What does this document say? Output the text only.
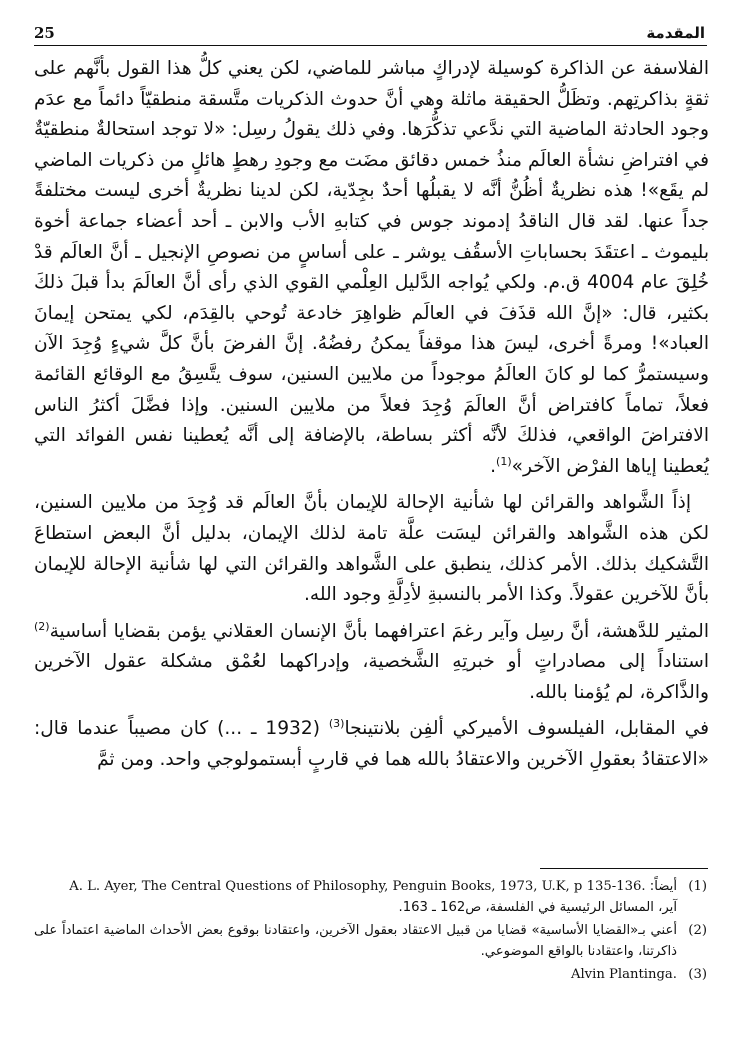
25	المقدمة

الفلاسفة عن الذاكرة كوسيلة لإدراكٍ مباشر للماضي، لكن يعني كلُّ هذا القول بأنَّهم على ثقةٍ بذاكرتِهم. وتظَلُّ الحقيقة ماثلة وهي أنَّ حدوث الذكريات متَّسقة منطقيّاً دائماً مع عدَم وجود الحادثة الماضية التي ندَّعي تذكُّرَها. وفي ذلك يقولُ رسِل: «لا توجد استحالةٌ منطقيّةٌ في افتراضِ نشأة العالَم منذُ خمس دقائق مضَت مع وجودِ رهطٍ هائلٍ من ذكريات الماضي لم يقَع»! هذه نظريةٌ أظُنُّ أنَّه لا يقبلُها أحدٌ بجِدّية، لكن لدينا نظريةٌ أخرى ليست مختلفةً جداً عنها. لقد قال الناقدُ إدموند جوس في كتابهِ الأب والابن ـ أحد أعضاء جماعة أخوة بليموث ـ اعتقَدَ بحساباتِ الأسقُف يوشر ـ على أساسٍ من نصوصِ الإنجيل ـ أنَّ العالَم قدْ خُلِقَ عام 4004 ق.م. ولكي يُواجه الدَّليل العِلْمي القوي الذي رأى أنَّ العالَمَ بدأ قبلَ ذلكَ بكثير، قال: «إنَّ الله قذَفَ في العالَم ظواهِرَ خادعة تُوحي بالقِدَم، لكي يمتحن إيمانَ العباد»! ومرةً أخرى، ليسَ هذا موقفاً يمكنُ رفضُهُ. إنَّ الفرضَ بأنَّ كلَّ شيءٍ وُجِدَ الآن وسيستمرُّ كما لو كانَ العالَمُ موجوداً من ملايين السنين، سوف يتَّسِقُ مع الوقائع القائمة فعلاً، تماماً كافتراض أنَّ العالَمَ وُجِدَ فعلاً من ملايين السنين. وإذا فضَّلَ أكثرُ الناس الافتراضَ الواقعي، فذلكَ لأنَّه أكثر بساطة، بالإضافة إلى أنَّه يُعطينا نفس الفوائد التي يُعطينا إياها الفرْض الآخر»$^{(1)}$.

إذاً الشَّواهد والقرائن لها شأنية الإحالة للإيمان بأنَّ العالَم قد وُجِدَ من ملايين السنين، لكن هذه الشَّواهد والقرائن ليسَت علَّة تامة لذلك الإيمان، بدليل أنَّ البعض استطاعَ التَّشكيك بذلك. الأمر كذلك، ينطبق على الشَّواهد والقرائن التي لها شأنية الإحالة للإيمان بأنَّ للآخرين عقولاً. وكذا الأمر بالنسبةِ لأدِلَّةِ وجود الله.

المثير للدَّهشة، أنَّ رسِل وآير رغمَ اعترافهما بأنَّ الإنسان العقلاني يؤمن بقضايا أساسية$^{(2)}$ استناداً إلى مصادراتٍ أو خبرتِهِ الشَّخصية، وإدراكهما لعُمْق مشكلة عقول الآخرين والذَّاكرة، لم يُؤمنا بالله.

في المقابل، الفيلسوف الأميركي ألفِن بلانتينجا$^{(3)}$ (1932 ـ ...) كان مصيباً عندما قال: «الاعتقادُ بعقولِ الآخرين والاعتقادُ بالله هما في قاربٍ أبستمولوجي واحد. ومن ثمَّ

(1)
أيضاً: A. L. Ayer, The Central Questions of Philosophy, Penguin Books, 1973, U.K, p 135-136.
آير، المسائل الرئيسية في الفلسفة، ص162 ـ 163.
(2)
أعني بـ«القضايا الأساسية» قضايا من قبيل الاعتقاد بعقول الآخرين، واعتقادنا بوقوع بعض الأحداث الماضية اعتماداً على ذاكرتنا، واعتقادنا بالواقع الموضوعي.
(3)
Alvin Plantinga.
